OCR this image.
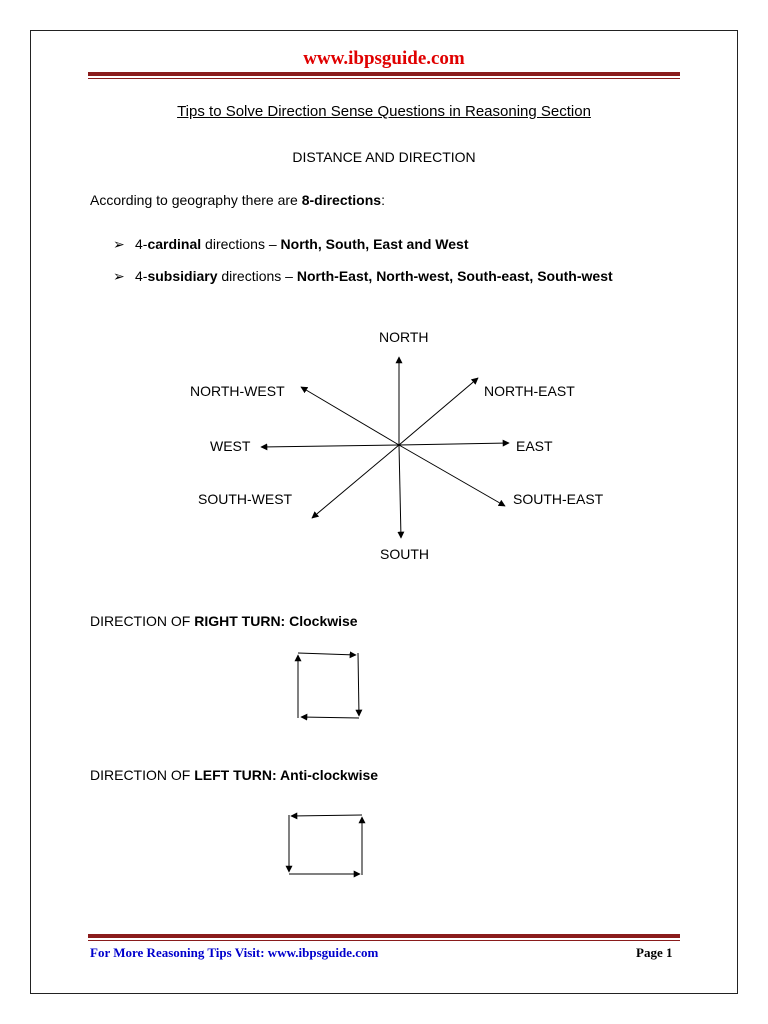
www.ibpsguide.com
Tips to Solve Direction Sense Questions in Reasoning Section
DISTANCE AND DIRECTION
According to geography there are 8-directions:
➢ 4-cardinal directions – North, South, East and West
➢ 4-subsidiary directions – North-East, North-west, South-east, South-west
NORTH
NORTH-EAST
EAST
SOUTH-EAST
SOUTH
SOUTH-WEST
WEST
NORTH-WEST
DIRECTION OF RIGHT TURN: Clockwise
DIRECTION OF LEFT TURN: Anti-clockwise
For More Reasoning Tips Visit: www.ibpsguide.com	Page 1
